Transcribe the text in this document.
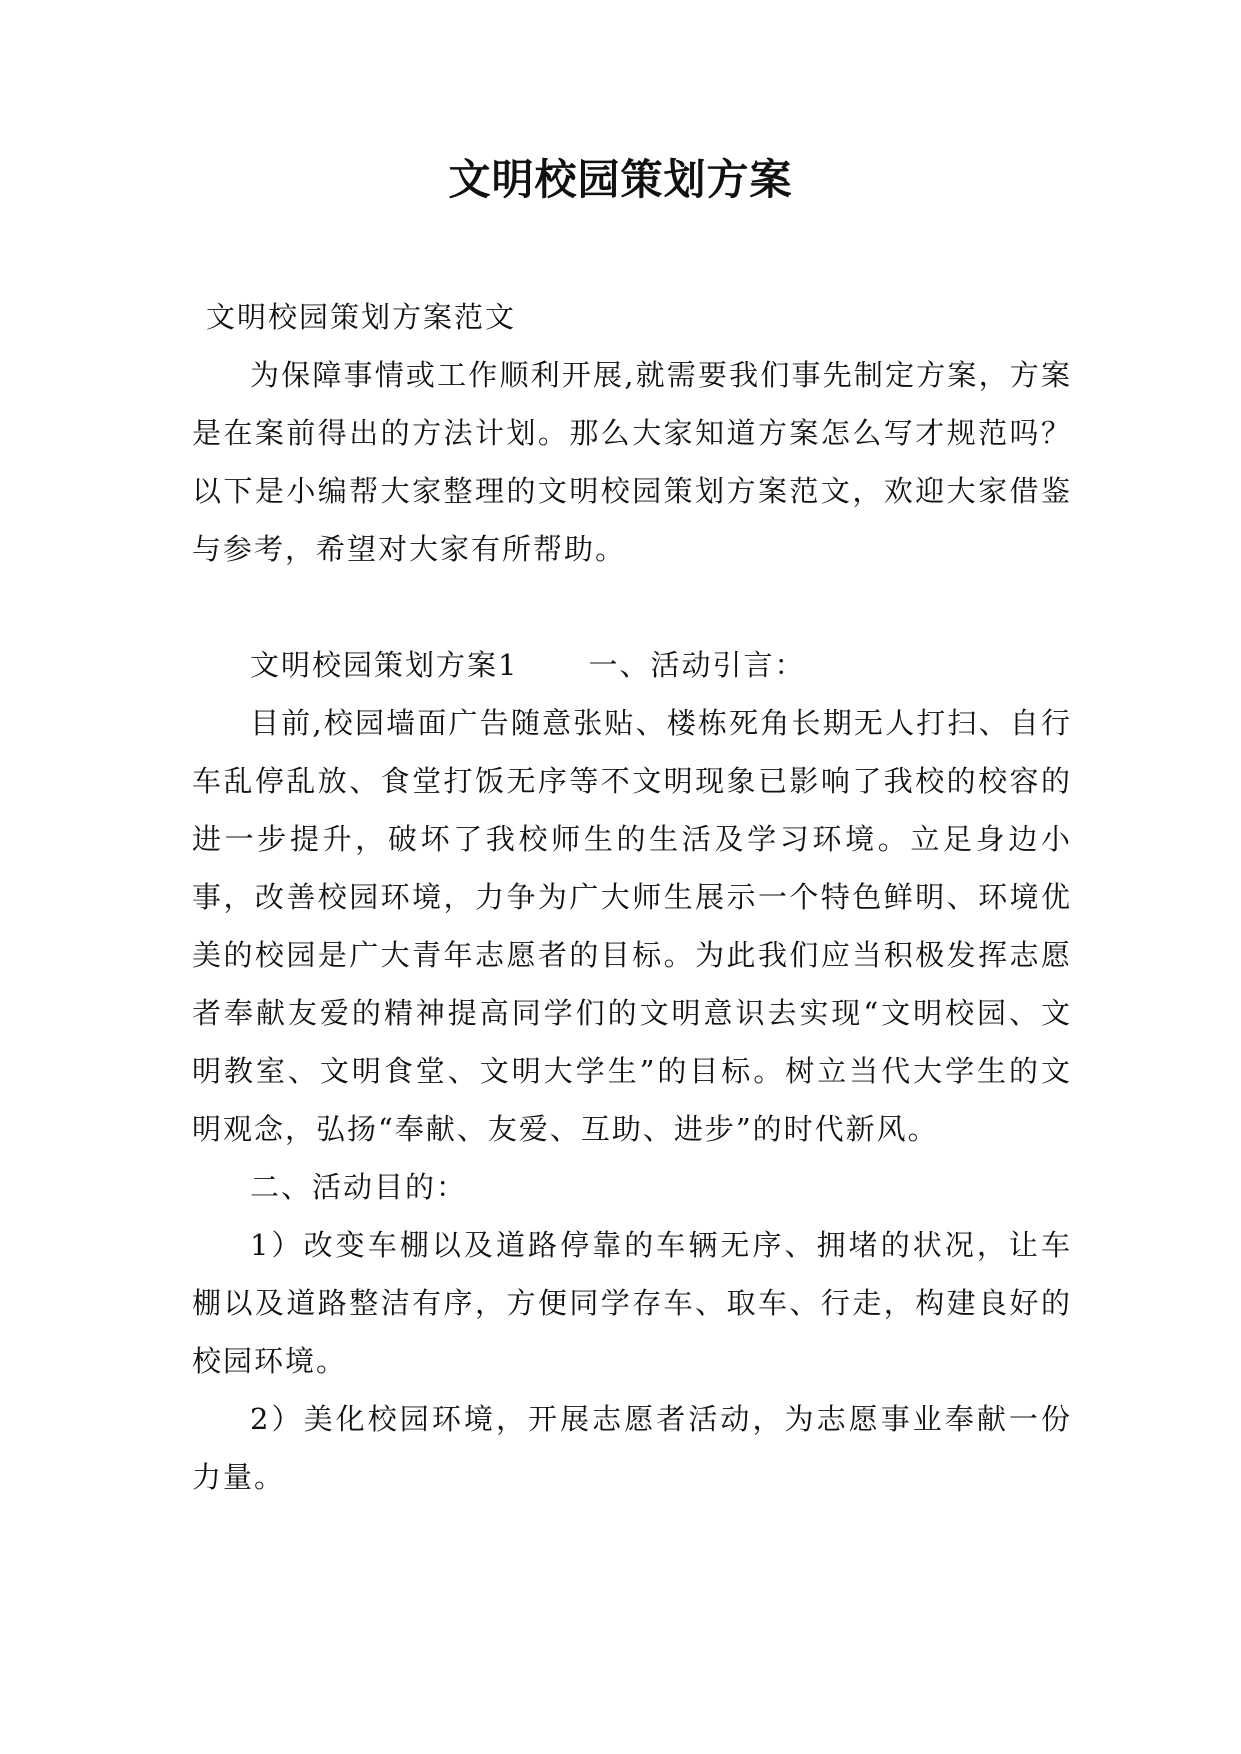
文明校园策划方案

文明校园策划方案范文

为保障事情或工作顺利开展,就需要我们事先制定方案，方案是在案前得出的方法计划。那么大家知道方案怎么写才规范吗？以下是小编帮大家整理的文明校园策划方案范文，欢迎大家借鉴与参考，希望对大家有所帮助。

文明校园策划方案1 一、活动引言：

目前,校园墙面广告随意张贴、楼栋死角长期无人打扫、自行车乱停乱放、食堂打饭无序等不文明现象已影响了我校的校容的进一步提升，破坏了我校师生的生活及学习环境。立足身边小事，改善校园环境，力争为广大师生展示一个特色鲜明、环境优美的校园是广大青年志愿者的目标。为此我们应当积极发挥志愿者奉献友爱的精神提高同学们的文明意识去实现“文明校园、文明教室、文明食堂、文明大学生”的目标。树立当代大学生的文明观念，弘扬“奉献、友爱、互助、进步”的时代新风。

二、活动目的：

1）改变车棚以及道路停靠的车辆无序、拥堵的状况，让车棚以及道路整洁有序，方便同学存车、取车、行走，构建良好的校园环境。

2）美化校园环境，开展志愿者活动，为志愿事业奉献一份力量。
